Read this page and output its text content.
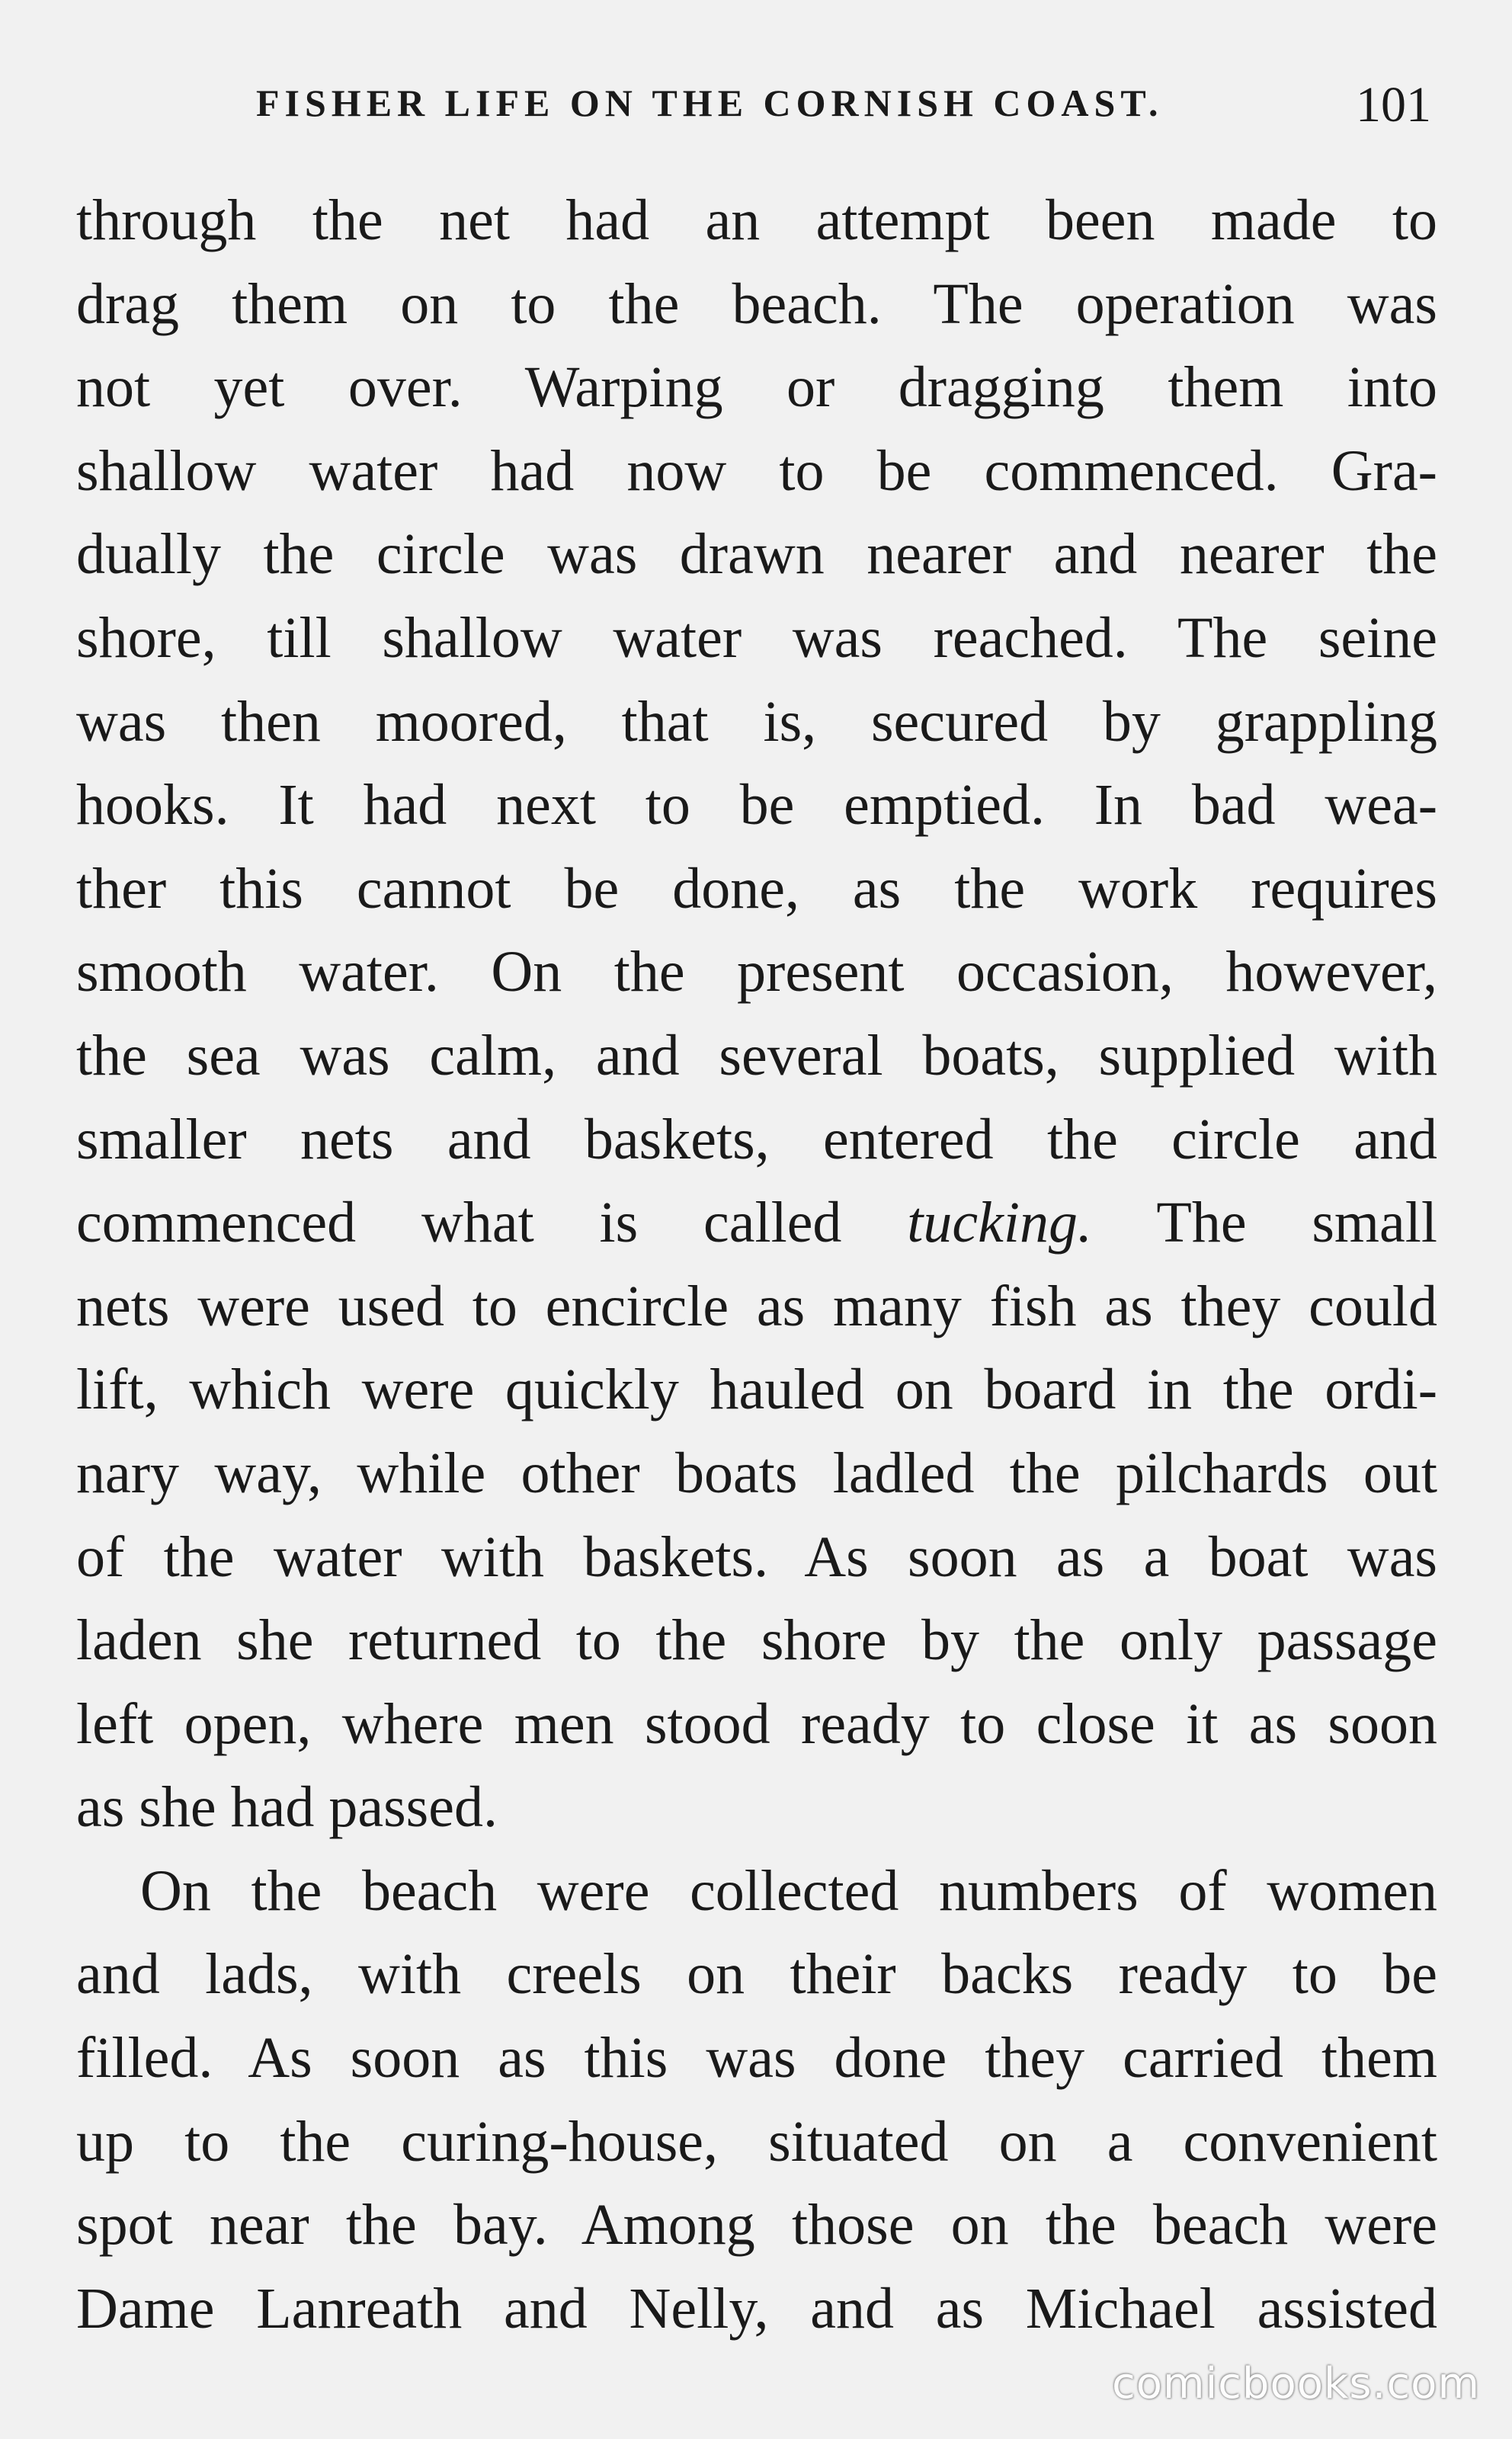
FISHER LIFE ON THE CORNISH COAST.	101
through the net had an attempt been made to
drag them on to the beach. The operation was
not yet over. Warping or dragging them into
shallow water had now to be commenced. Gra-
dually the circle was drawn nearer and nearer the
shore, till shallow water was reached. The seine
was then moored, that is, secured by grappling
hooks. It had next to be emptied. In bad wea-
ther this cannot be done, as the work requires
smooth water. On the present occasion, however,
the sea was calm, and several boats, supplied with
smaller nets and baskets, entered the circle and
commenced what is called tucking. The small
nets were used to encircle as many fish as they could
lift, which were quickly hauled on board in the ordi-
nary way, while other boats ladled the pilchards out
of the water with baskets. As soon as a boat was
laden she returned to the shore by the only passage
left open, where men stood ready to close it as soon
as she had passed.
On the beach were collected numbers of women
and lads, with creels on their backs ready to be
filled. As soon as this was done they carried them
up to the curing-house, situated on a convenient
spot near the bay. Among those on the beach were
Dame Lanreath and Nelly, and as Michael assisted
comicbooks.com
